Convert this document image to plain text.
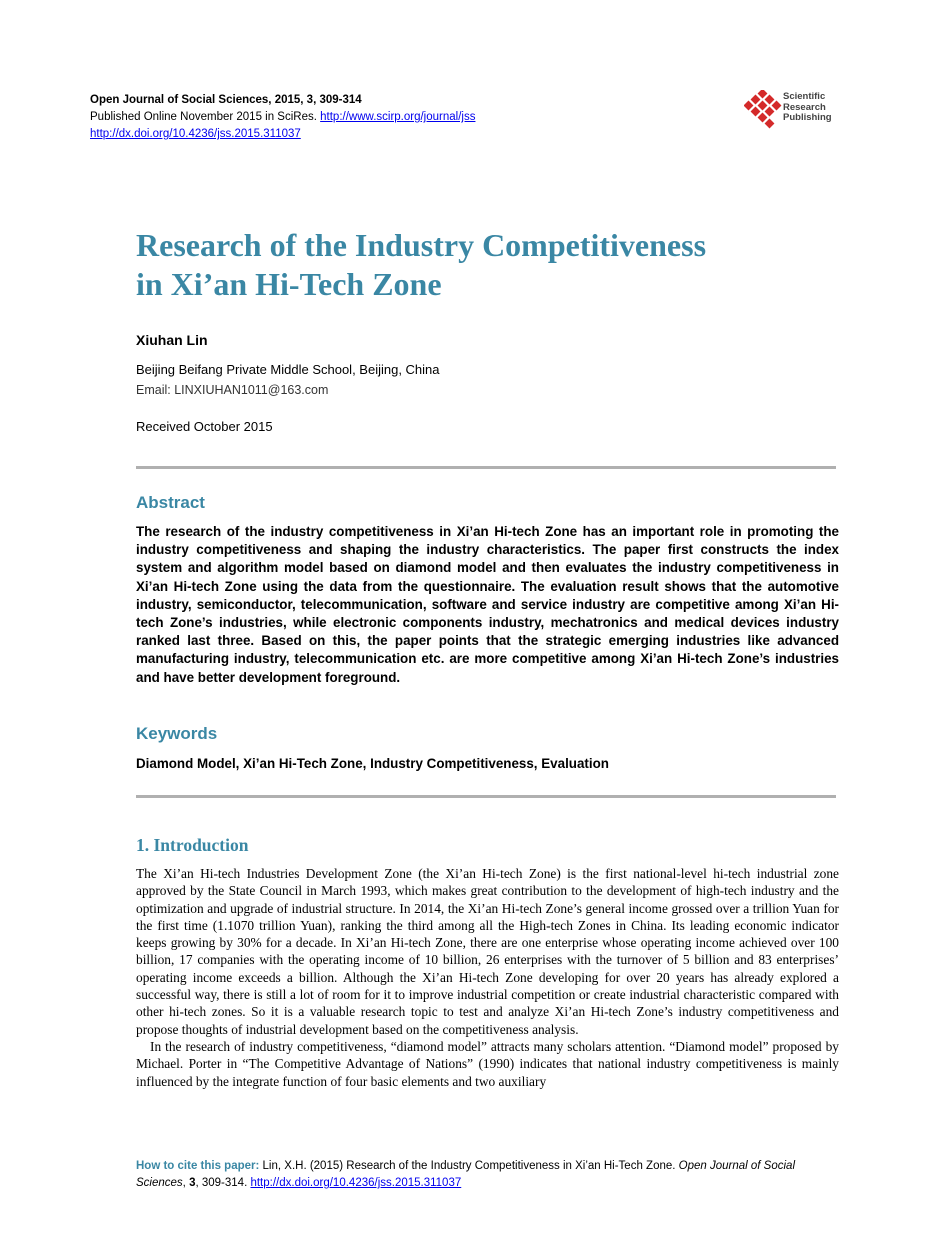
Open Journal of Social Sciences, 2015, 3, 309-314
Published Online November 2015 in SciRes. http://www.scirp.org/journal/jss
http://dx.doi.org/10.4236/jss.2015.311037
Scientific
Research
Publishing
Research of the Industry Competitiveness
in Xi’an Hi-Tech Zone
Xiuhan Lin
Beijing Beifang Private Middle School, Beijing, China
Email: LINXIUHAN1011@163.com
Received October 2015
Abstract

The research of the industry competitiveness in Xi’an Hi-tech Zone has an important role in promoting the industry competitiveness and shaping the industry characteristics. The paper first constructs the index system and algorithm model based on diamond model and then evaluates the industry competitiveness in Xi’an Hi-tech Zone using the data from the questionnaire. The evaluation result shows that the automotive industry, semiconductor, telecommunication, software and service industry are competitive among Xi’an Hi-tech Zone’s industries, while electronic components industry, mechatronics and medical devices industry ranked last three. Based on this, the paper points that the strategic emerging industries like advanced manufacturing industry, telecommunication etc. are more competitive among Xi’an Hi-tech Zone’s industries and have better development foreground.

Keywords
Diamond Model, Xi’an Hi-Tech Zone, Industry Competitiveness, Evaluation
1. Introduction

The Xi’an Hi-tech Industries Development Zone (the Xi’an Hi-tech Zone) is the first national-level hi-tech industrial zone approved by the State Council in March 1993, which makes great contribution to the development of high-tech industry and the optimization and upgrade of industrial structure. In 2014, the Xi’an Hi-tech Zone’s general income grossed over a trillion Yuan for the first time (1.1070 trillion Yuan), ranking the third among all the High-tech Zones in China. Its leading economic indicator keeps growing by 30% for a decade. In Xi’an Hi-tech Zone, there are one enterprise whose operating income achieved over 100 billion, 17 companies with the operating income of 10 billion, 26 enterprises with the turnover of 5 billion and 83 enterprises’ operating income exceeds a billion. Although the Xi’an Hi-tech Zone developing for over 20 years has already explored a successful way, there is still a lot of room for it to improve industrial competition or create industrial characteristic compared with other hi-tech zones. So it is a valuable research topic to test and analyze Xi’an Hi-tech Zone’s industry competitiveness and propose thoughts of industrial development based on the competitiveness analysis.

In the research of industry competitiveness, “diamond model” attracts many scholars attention. “Diamond model” proposed by Michael. Porter in “The Competitive Advantage of Nations” (1990) indicates that national industry competitiveness is mainly influenced by the integrate function of four basic elements and two auxiliary

How to cite this paper: Lin, X.H. (2015) Research of the Industry Competitiveness in Xi’an Hi-Tech Zone. Open Journal of Social Sciences, 3, 309-314. http://dx.doi.org/10.4236/jss.2015.311037
